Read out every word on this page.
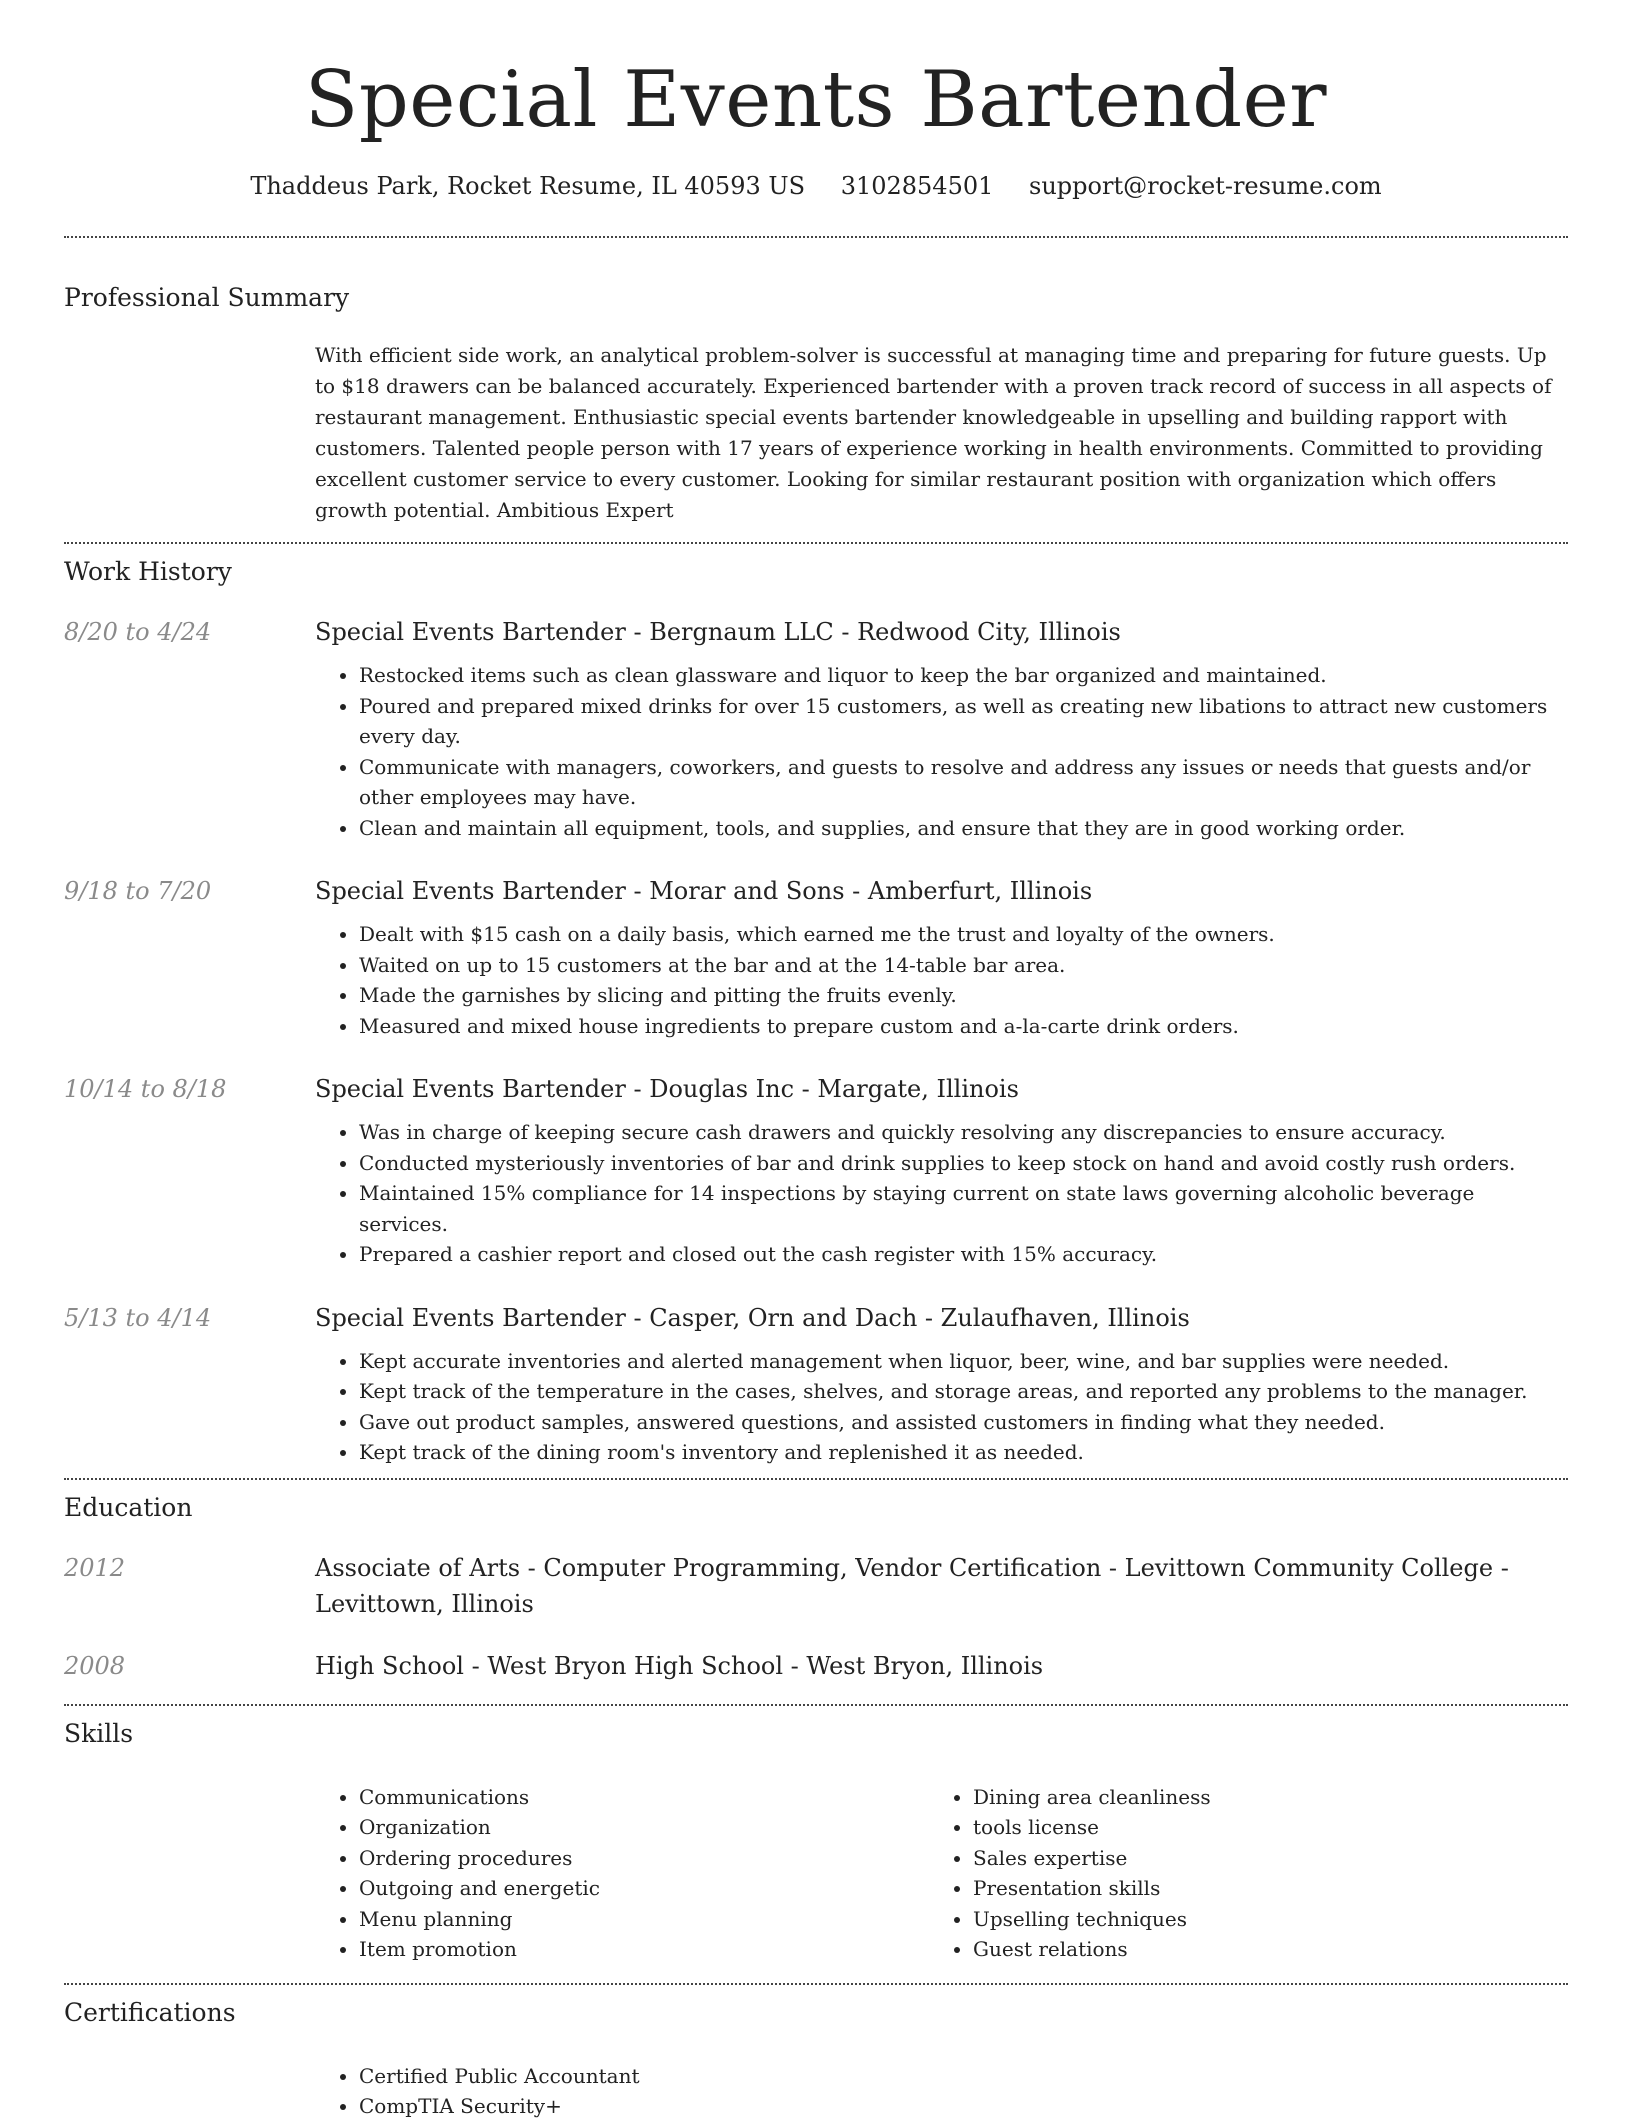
Special Events Bartender
Thaddeus Park, Rocket Resume, IL 40593 US 3102854501 support@rocket-resume.com
Professional Summary
With efficient side work, an analytical problem-solver is successful at managing time and preparing for future guests. Up to $18 drawers can be balanced accurately. Experienced bartender with a proven track record of success in all aspects of restaurant management. Enthusiastic special events bartender knowledgeable in upselling and building rapport with customers. Talented people person with 17 years of experience working in health environments. Committed to providing excellent customer service to every customer. Looking for similar restaurant position with organization which offers growth potential. Ambitious Expert
Work History
8/20 to 4/24	Special Events Bartender - Bergnaum LLC - Redwood City, Illinois
• Restocked items such as clean glassware and liquor to keep the bar organized and maintained.
• Poured and prepared mixed drinks for over 15 customers, as well as creating new libations to attract new customers every day.
• Communicate with managers, coworkers, and guests to resolve and address any issues or needs that guests and/or other employees may have.
• Clean and maintain all equipment, tools, and supplies, and ensure that they are in good working order.
9/18 to 7/20	Special Events Bartender - Morar and Sons - Amberfurt, Illinois
• Dealt with $15 cash on a daily basis, which earned me the trust and loyalty of the owners.
• Waited on up to 15 customers at the bar and at the 14-table bar area.
• Made the garnishes by slicing and pitting the fruits evenly.
• Measured and mixed house ingredients to prepare custom and a-la-carte drink orders.
10/14 to 8/18	Special Events Bartender - Douglas Inc - Margate, Illinois
• Was in charge of keeping secure cash drawers and quickly resolving any discrepancies to ensure accuracy.
• Conducted mysteriously inventories of bar and drink supplies to keep stock on hand and avoid costly rush orders.
• Maintained 15% compliance for 14 inspections by staying current on state laws governing alcoholic beverage services.
• Prepared a cashier report and closed out the cash register with 15% accuracy.
5/13 to 4/14	Special Events Bartender - Casper, Orn and Dach - Zulaufhaven, Illinois
• Kept accurate inventories and alerted management when liquor, beer, wine, and bar supplies were needed.
• Kept track of the temperature in the cases, shelves, and storage areas, and reported any problems to the manager.
• Gave out product samples, answered questions, and assisted customers in finding what they needed.
• Kept track of the dining room's inventory and replenished it as needed.
Education
2012	Associate of Arts - Computer Programming, Vendor Certification - Levittown Community College - Levittown, Illinois
2008	High School - West Bryon High School - West Bryon, Illinois
Skills
• Communications
• Organization
• Ordering procedures
• Outgoing and energetic
• Menu planning
• Item promotion
• Dining area cleanliness
• tools license
• Sales expertise
• Presentation skills
• Upselling techniques
• Guest relations
Certifications
• Certified Public Accountant
• CompTIA Security+
